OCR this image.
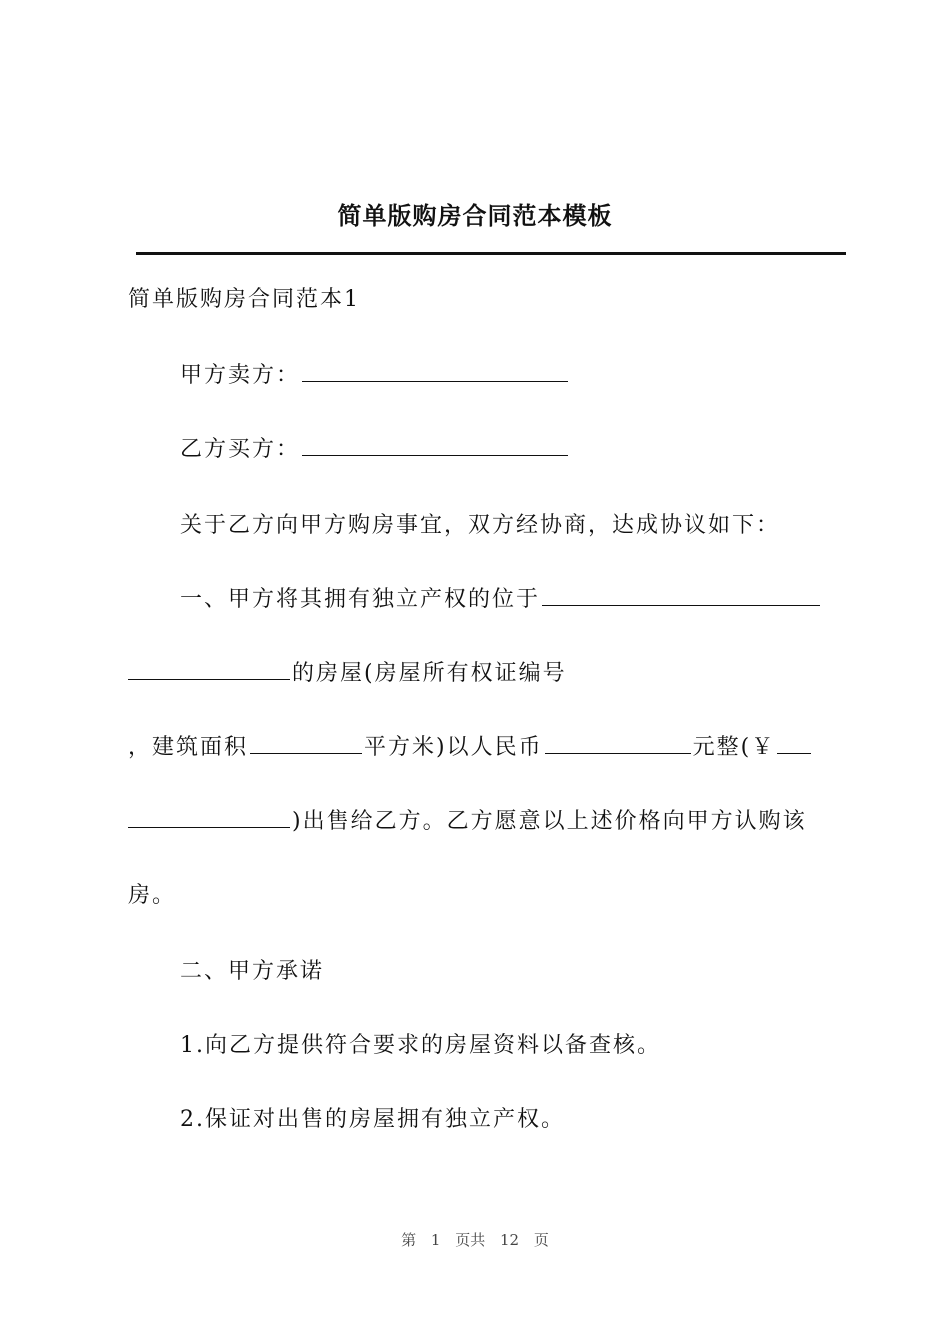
简单版购房合同范本模板

简单版购房合同范本1

甲方卖方：

乙方买方：

关于乙方向甲方购房事宜，双方经协商，达成协议如下：

一、甲方将其拥有独立产权的位于

的房屋(房屋所有权证编号

，建筑面积	平方米)以人民币	元整(￥

)出售给乙方。乙方愿意以上述价格向甲方认购该

房。

二、甲方承诺

1.向乙方提供符合要求的房屋资料以备查核。

2.保证对出售的房屋拥有独立产权。

第 1 页共 12 页
